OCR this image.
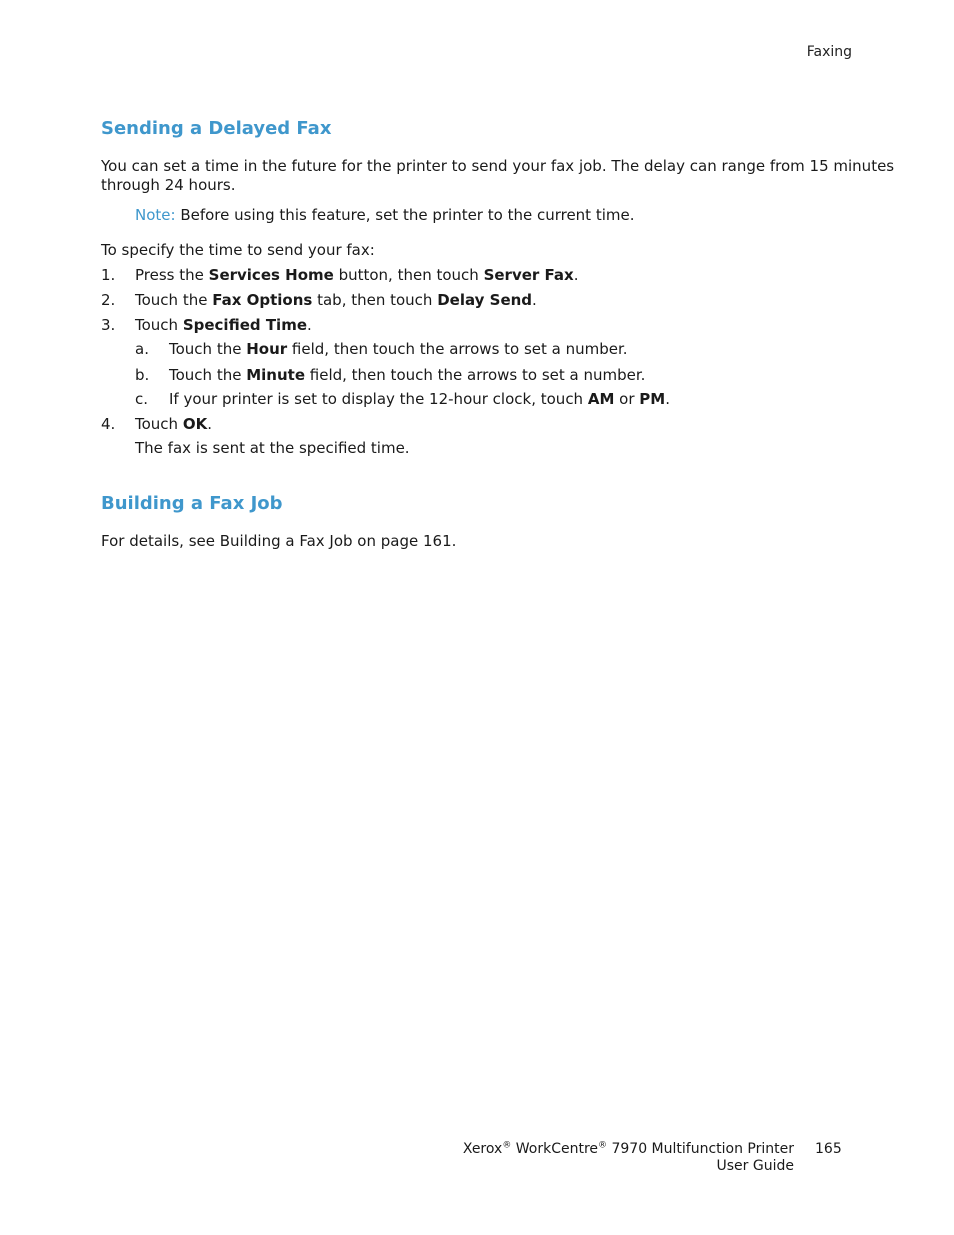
Faxing
Sending a Delayed Fax
You can set a time in the future for the printer to send your fax job. The delay can range from 15 minutes
through 24 hours.
Note: Before using this feature, set the printer to the current time.
To specify the time to send your fax:
1. Press the Services Home button, then touch Server Fax.
2. Touch the Fax Options tab, then touch Delay Send.
3. Touch Specified Time.
a. Touch the Hour field, then touch the arrows to set a number.
b. Touch the Minute field, then touch the arrows to set a number.
c. If your printer is set to display the 12-hour clock, touch AM or PM.
4. Touch OK.
The fax is sent at the specified time.
Building a Fax Job
For details, see Building a Fax Job on page 161.
Xerox® WorkCentre® 7970 Multifunction Printer
User Guide
165
